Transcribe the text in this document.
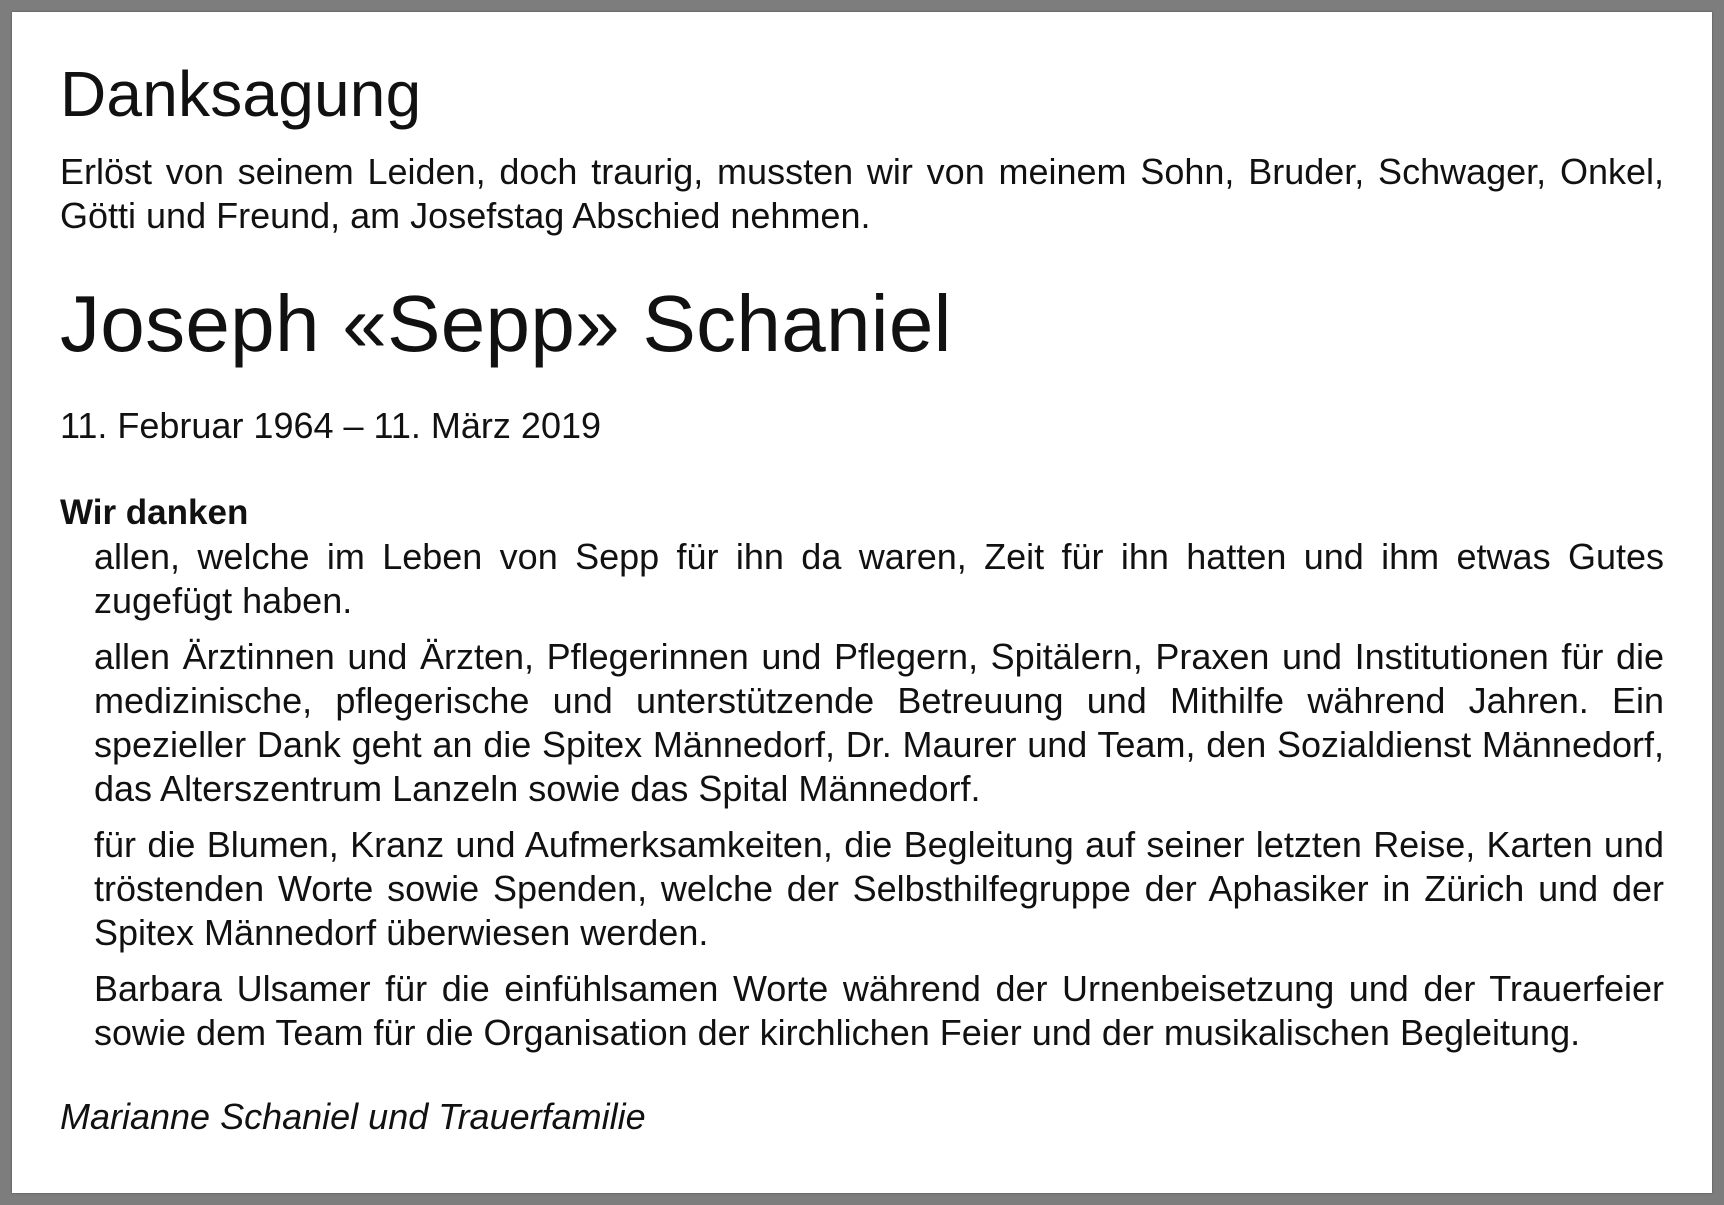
Danksagung

Erlöst von seinem Leiden, doch traurig, mussten wir von meinem Sohn, Bruder, Schwager, Onkel, Götti und Freund, am Josefstag Abschied nehmen.

Joseph «Sepp» Schaniel

11. Februar 1964 – 11. März 2019

Wir danken
allen, welche im Leben von Sepp für ihn da waren, Zeit für ihn hatten und ihm etwas Gutes zugefügt haben.
allen Ärztinnen und Ärzten, Pflegerinnen und Pflegern, Spitälern, Praxen und Institutionen für die medizinische, pflegerische und unterstützende Betreuung und Mithilfe während Jahren. Ein spezieller Dank geht an die Spitex Männedorf, Dr. Maurer und Team, den Sozialdienst Männedorf, das Alterszentrum Lanzeln sowie das Spital Männedorf.
für die Blumen, Kranz und Aufmerksamkeiten, die Begleitung auf seiner letzten Reise, Karten und tröstenden Worte sowie Spenden, welche der Selbsthilfegruppe der Aphasiker in Zürich und der Spitex Männedorf überwiesen werden.
Barbara Ulsamer für die einfühlsamen Worte während der Urnenbeisetzung und der Trauerfeier sowie dem Team für die Organisation der kirchlichen Feier und der musikalischen Begleitung.

Marianne Schaniel und Trauerfamilie
